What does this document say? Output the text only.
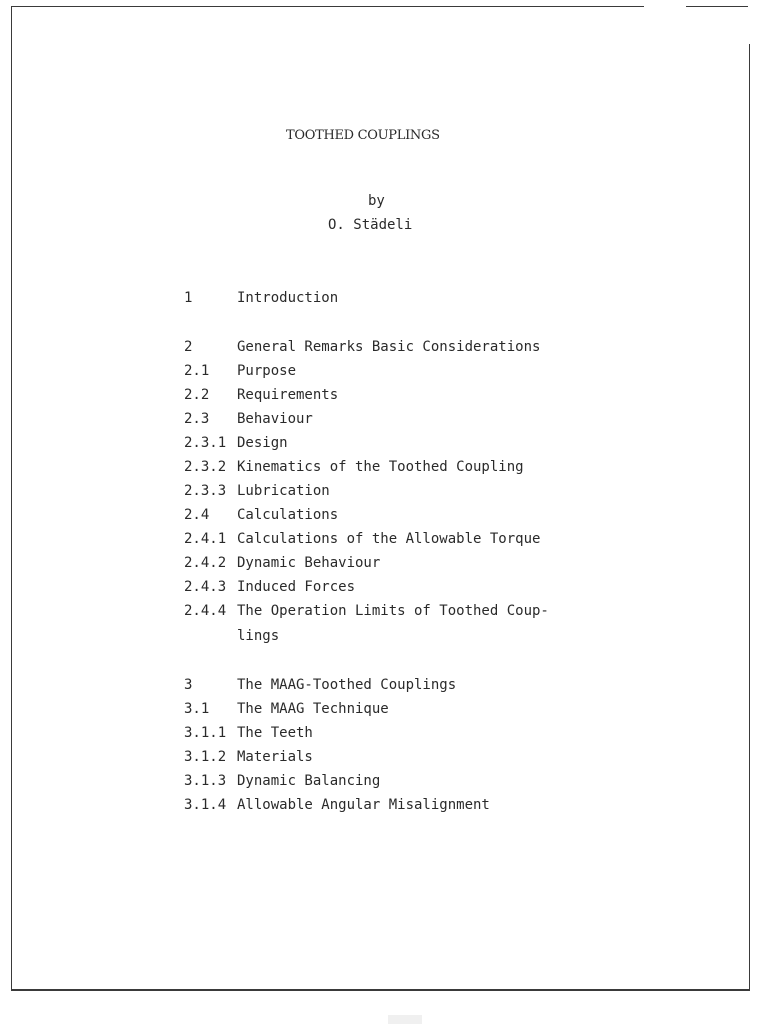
TOOTHED COUPLINGS
by
O. Städeli
1	Introduction
2	General Remarks Basic Considerations
2.1 Purpose
2.2 Requirements
2.3 Behaviour
2.3.1 Design
2.3.2 Kinematics of the Toothed Coupling
2.3.3 Lubrication
2.4 Calculations
2.4.1 Calculations of the Allowable Torque
2.4.2 Dynamic Behaviour
2.4.3 Induced Forces
2.4.4 The Operation Limits of Toothed Coup-
lings
3	The MAAG-Toothed Couplings
3.1 The MAAG Technique
3.1.1 The Teeth
3.1.2 Materials
3.1.3 Dynamic Balancing
3.1.4 Allowable Angular Misalignment
